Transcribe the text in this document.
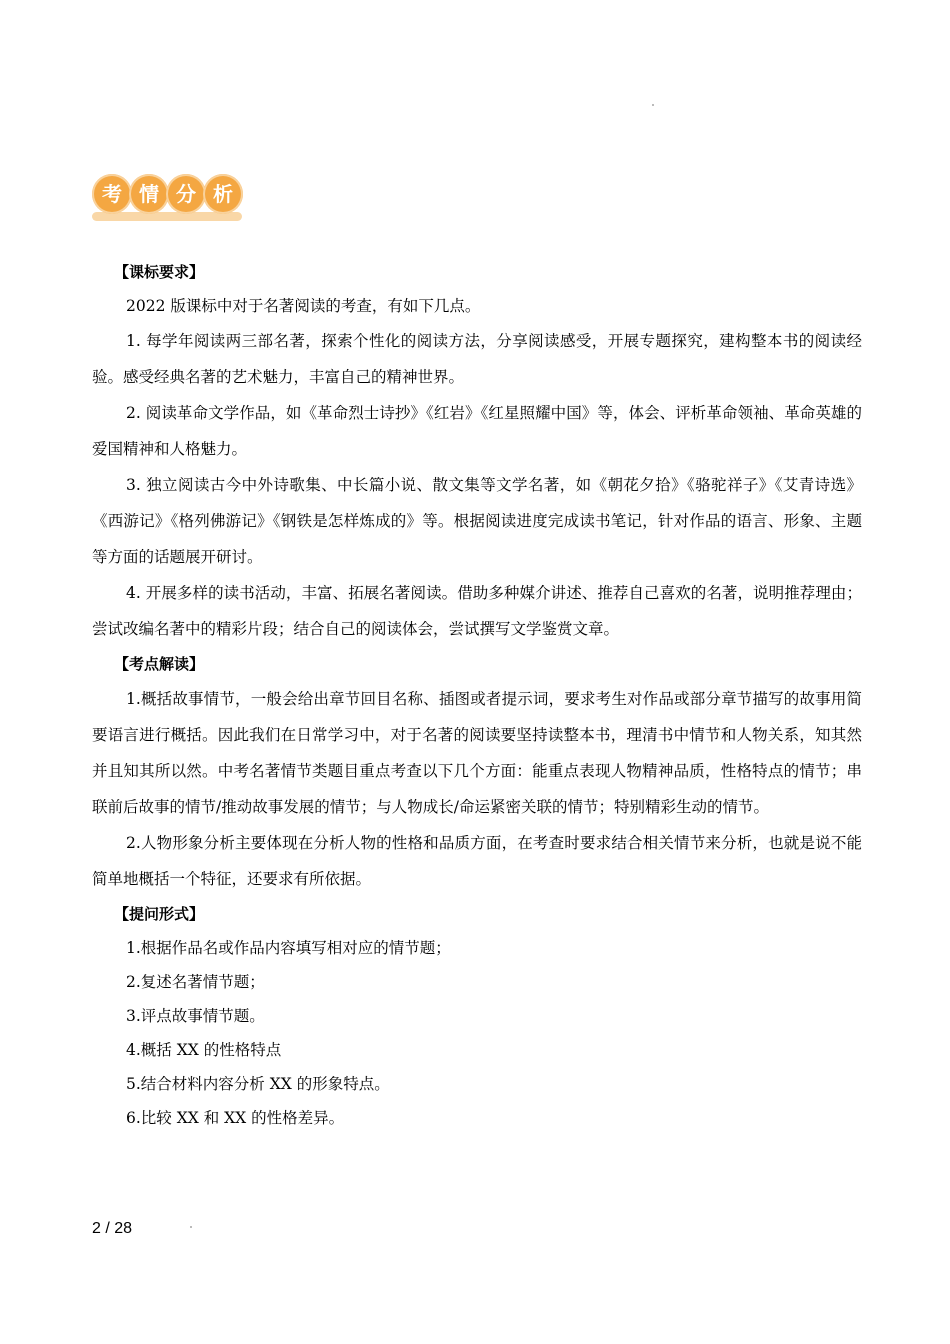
考 情 分 析
【课标要求】

2022 版课标中对于名著阅读的考查，有如下几点。

1. 每学年阅读两三部名著，探索个性化的阅读方法，分享阅读感受，开展专题探究，建构整本书的阅读经验。感受经典名著的艺术魅力，丰富自己的精神世界。

2. 阅读革命文学作品，如《革命烈士诗抄》《红岩》《红星照耀中国》等，体会、评析革命领袖、革命英雄的爱国精神和人格魅力。

3. 独立阅读古今中外诗歌集、中长篇小说、散文集等文学名著，如《朝花夕拾》《骆驼祥子》《艾青诗选》《西游记》《格列佛游记》《钢铁是怎样炼成的》等。根据阅读进度完成读书笔记，针对作品的语言、形象、主题等方面的话题展开研讨。

4. 开展多样的读书活动，丰富、拓展名著阅读。借助多种媒介讲述、推荐自己喜欢的名著，说明推荐理由；尝试改编名著中的精彩片段；结合自己的阅读体会，尝试撰写文学鉴赏文章。

【考点解读】

1.概括故事情节，一般会给出章节回目名称、插图或者提示词，要求考生对作品或部分章节描写的故事用简要语言进行概括。因此我们在日常学习中，对于名著的阅读要坚持读整本书，理清书中情节和人物关系，知其然并且知其所以然。中考名著情节类题目重点考查以下几个方面：能重点表现人物精神品质，性格特点的情节；串联前后故事的情节/推动故事发展的情节；与人物成长/命运紧密关联的情节；特别精彩生动的情节。

2.人物形象分析主要体现在分析人物的性格和品质方面，在考查时要求结合相关情节来分析，也就是说不能简单地概括一个特征，还要求有所依据。

【提问形式】

1.根据作品名或作品内容填写相对应的情节题；

2.复述名著情节题；

3.评点故事情节题。

4.概括 XX 的性格特点

5.结合材料内容分析 XX 的形象特点。

6.比较 XX 和 XX 的性格差异。

2 / 28
